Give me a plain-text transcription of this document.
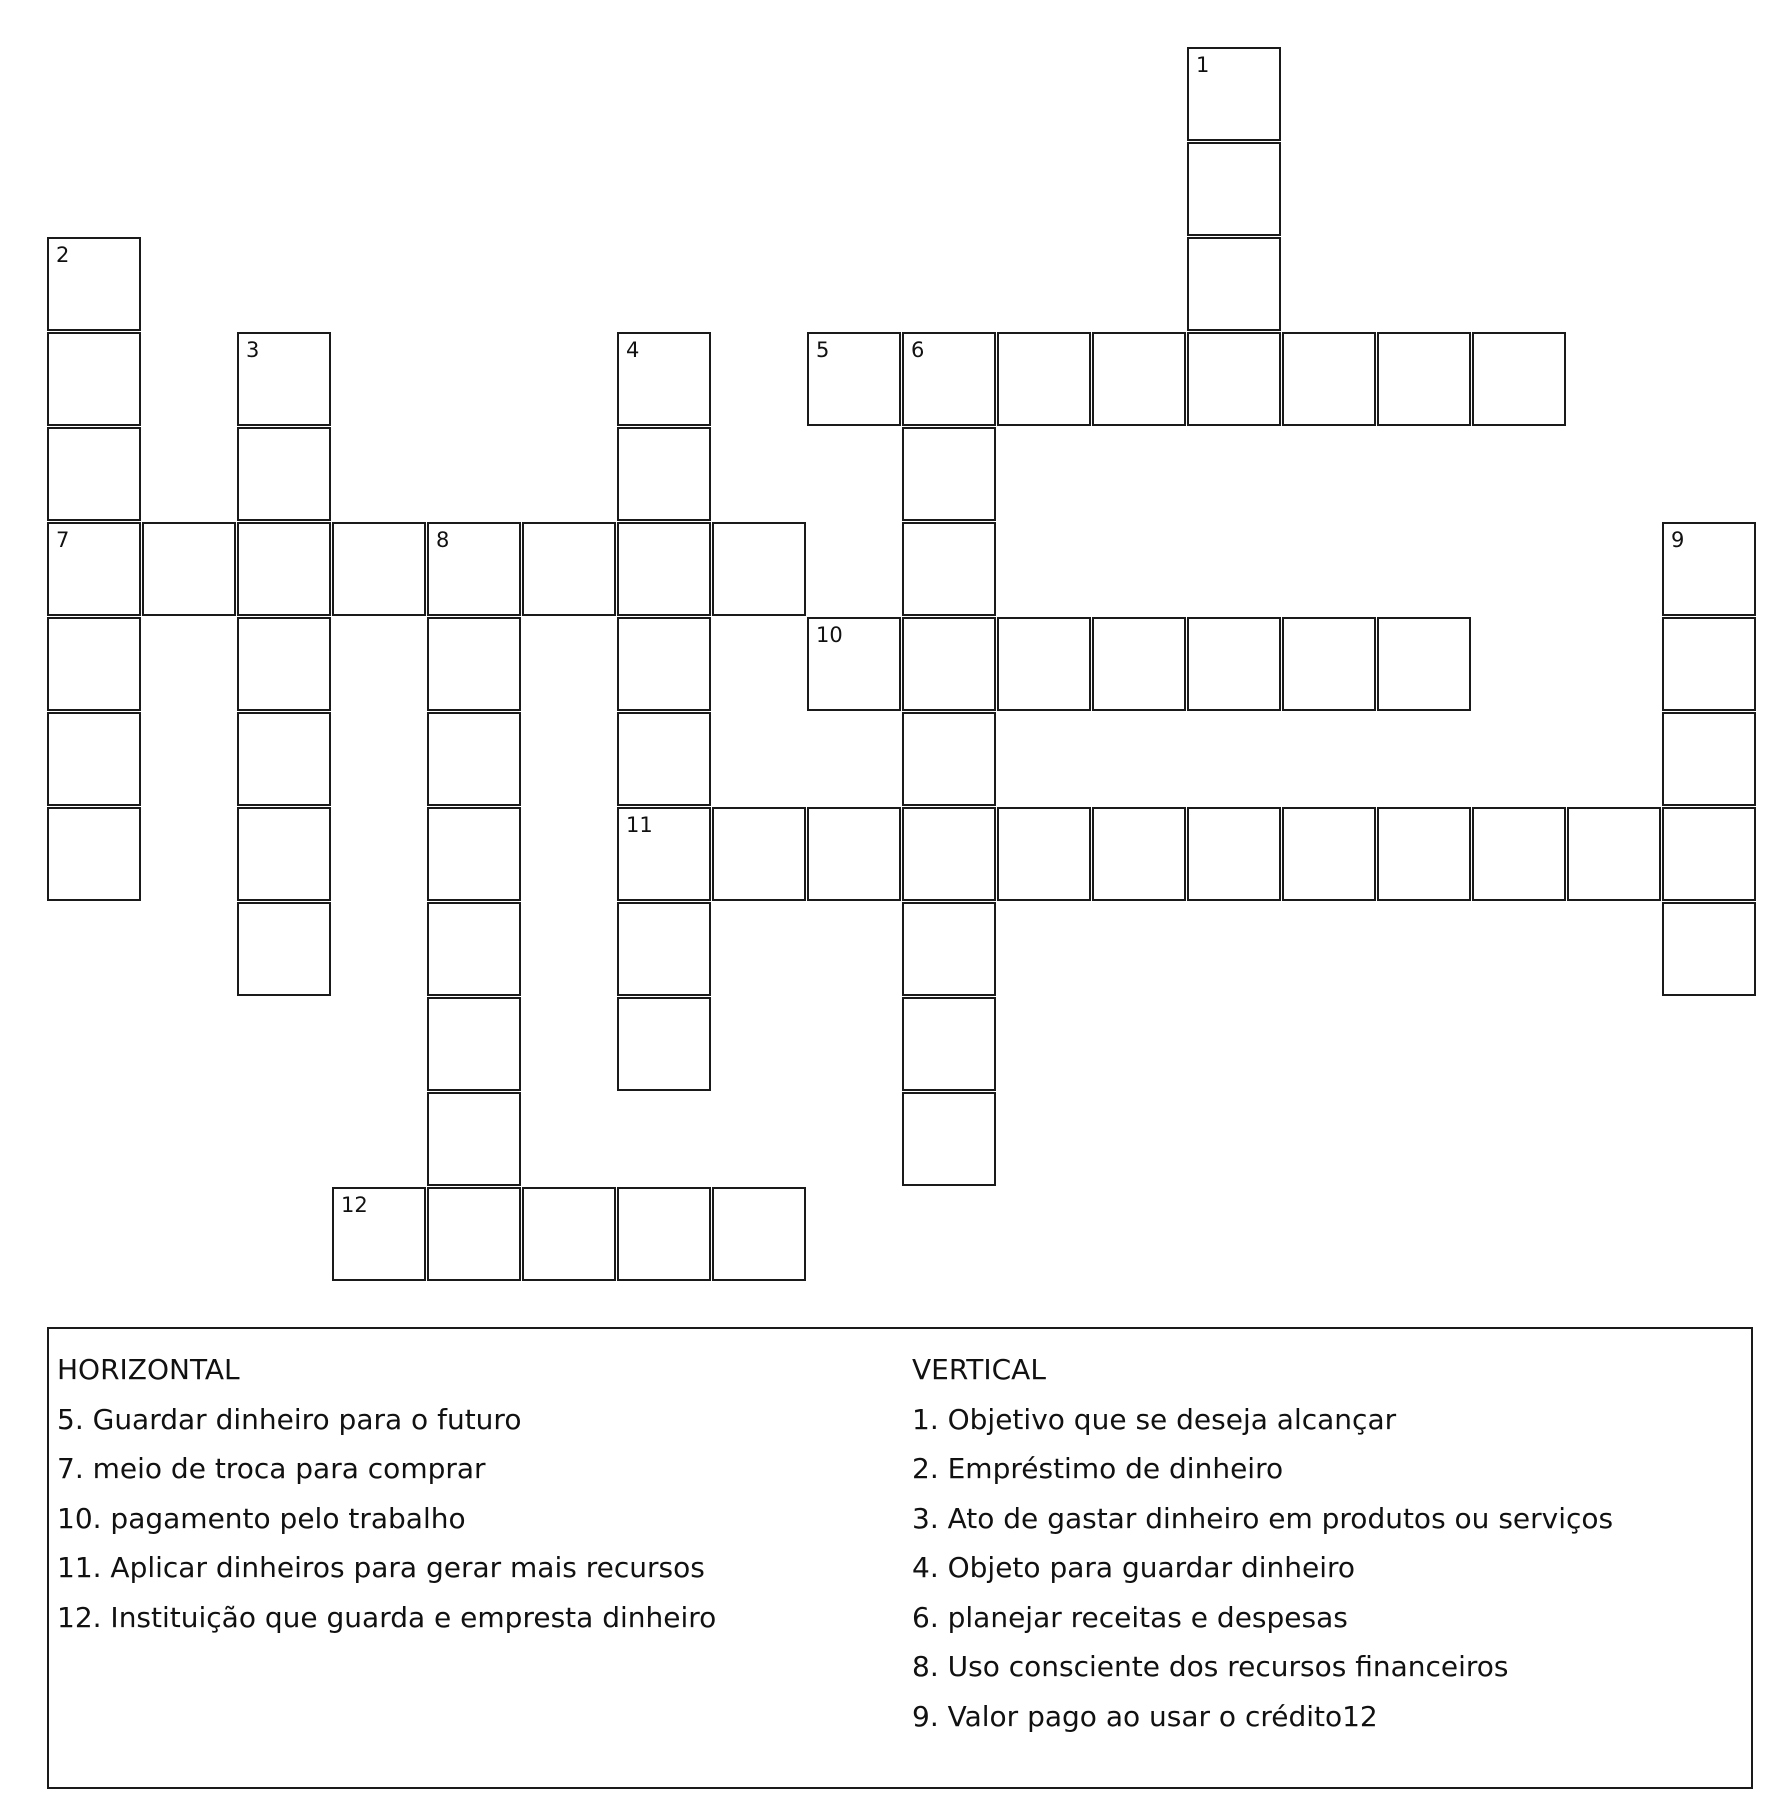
5	6
7	8
10
11
12
1
2
3	4
9
HORIZONTAL
5. Guardar dinheiro para o futuro
7. meio de troca para comprar
10. pagamento pelo trabalho
11. Aplicar dinheiros para gerar mais recursos
12. Instituição que guarda e empresta dinheiro
VERTICAL
1. Objetivo que se deseja alcançar
2. Empréstimo de dinheiro
3. Ato de gastar dinheiro em produtos ou serviços
4. Objeto para guardar dinheiro
6. planejar receitas e despesas
8. Uso consciente dos recursos financeiros
9. Valor pago ao usar o crédito12
